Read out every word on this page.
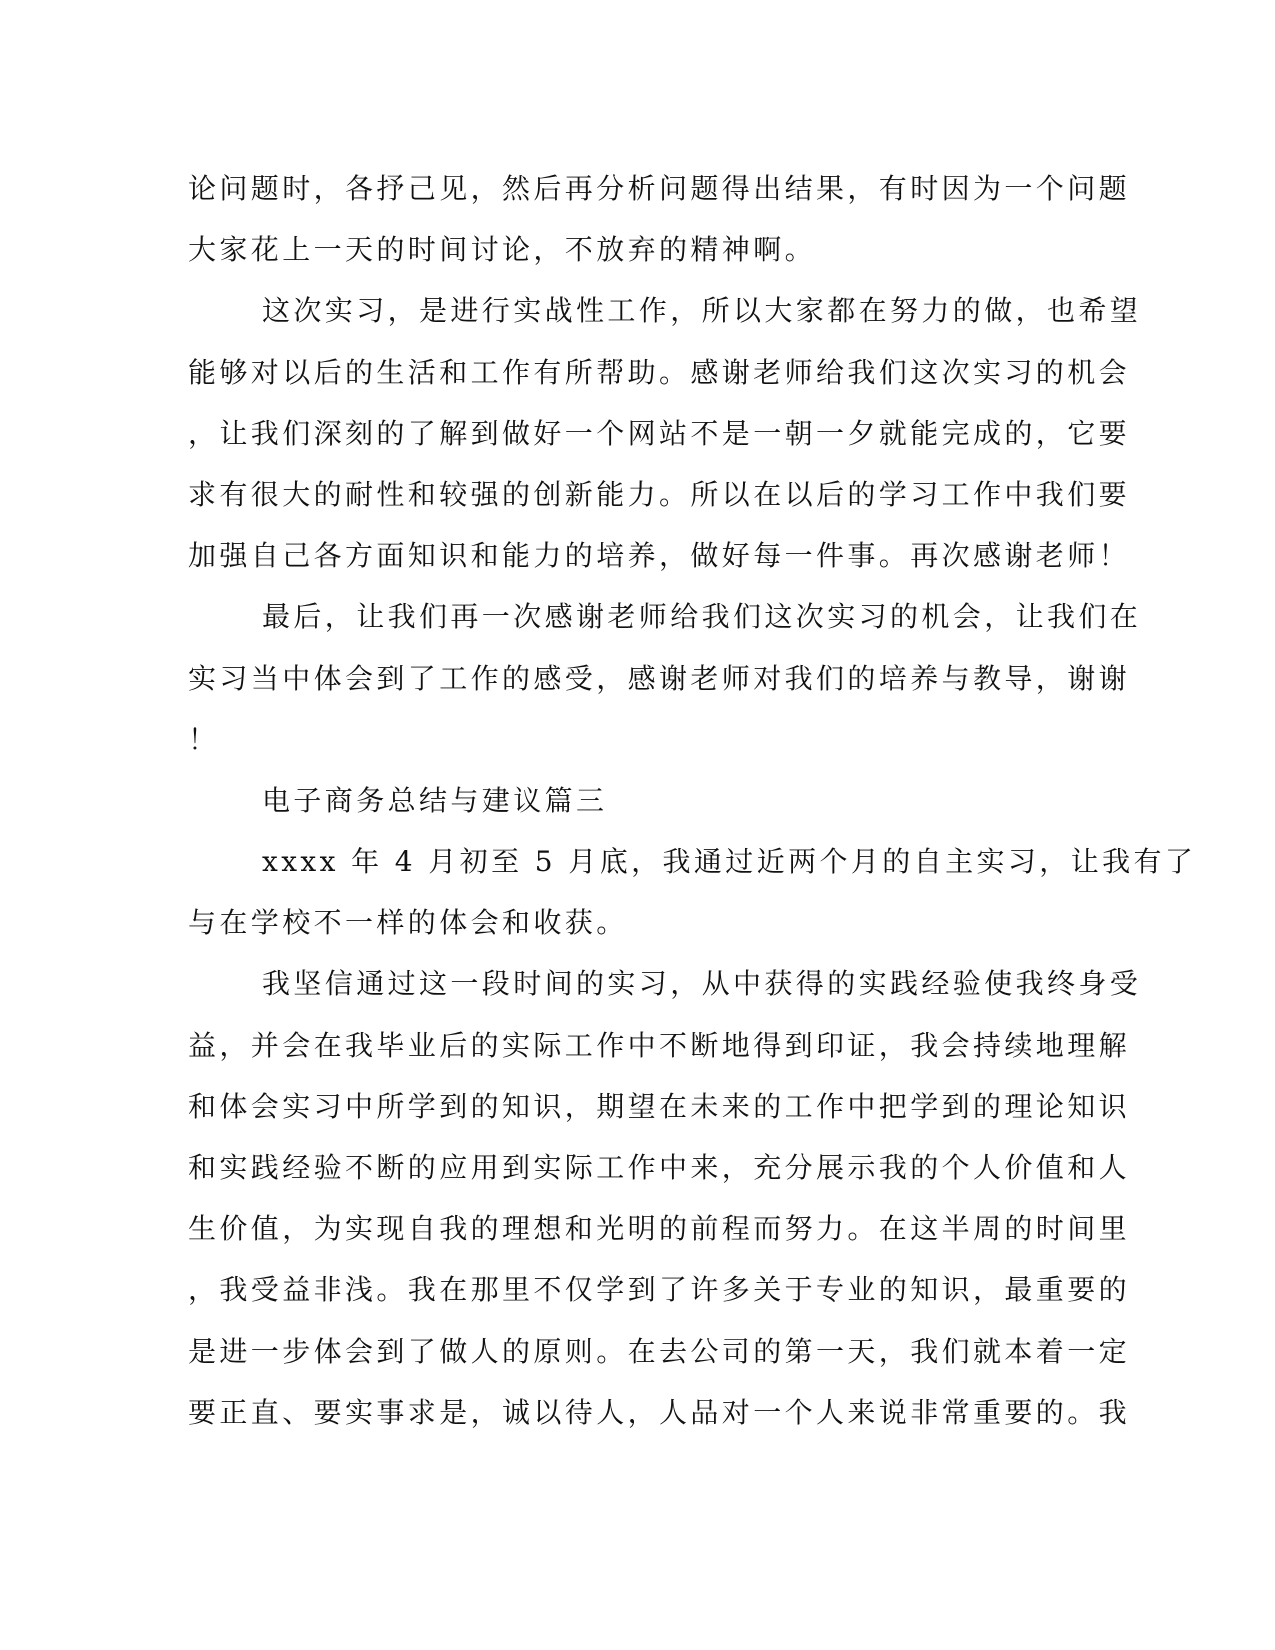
论问题时，各抒己见，然后再分析问题得出结果，有时因为一个问题
大家花上一天的时间讨论，不放弃的精神啊。
这次实习，是进行实战性工作，所以大家都在努力的做，也希望
能够对以后的生活和工作有所帮助。感谢老师给我们这次实习的机会
，让我们深刻的了解到做好一个网站不是一朝一夕就能完成的，它要
求有很大的耐性和较强的创新能力。所以在以后的学习工作中我们要
加强自己各方面知识和能力的培养，做好每一件事。再次感谢老师！
最后，让我们再一次感谢老师给我们这次实习的机会，让我们在
实习当中体会到了工作的感受，感谢老师对我们的培养与教导，谢谢
！
电子商务总结与建议篇三
xxxx 年 4 月初至 5 月底，我通过近两个月的自主实习，让我有了
与在学校不一样的体会和收获。
我坚信通过这一段时间的实习，从中获得的实践经验使我终身受
益，并会在我毕业后的实际工作中不断地得到印证，我会持续地理解
和体会实习中所学到的知识，期望在未来的工作中把学到的理论知识
和实践经验不断的应用到实际工作中来，充分展示我的个人价值和人
生价值，为实现自我的理想和光明的前程而努力。在这半周的时间里
，我受益非浅。我在那里不仅学到了许多关于专业的知识，最重要的
是进一步体会到了做人的原则。在去公司的第一天，我们就本着一定
要正直、要实事求是，诚以待人，人品对一个人来说非常重要的。我
